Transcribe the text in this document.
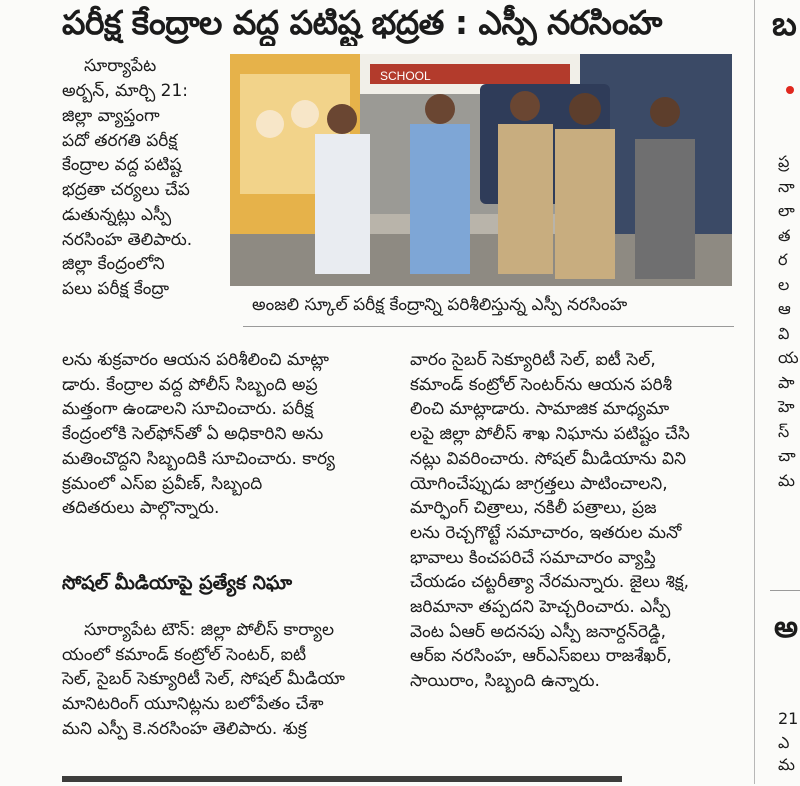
పరీక్ష కేంద్రాల వద్ద పటిష్ట భద్రత : ఎస్పీ నరసింహ

సూర్యాపేట

అర్బన్, మార్చి 21:

జిల్లా వ్యాప్తంగా

పదో తరగతి పరీక్ష

కేంద్రాల వద్ద పటిష్ట

భద్రతా చర్యలు చేప

డుతున్నట్లు ఎస్పీ

నరసింహ తెలిపారు.

జిల్లా కేంద్రంలోని

పలు పరీక్ష కేంద్రా

SCHOOL
అంజలి స్కూల్ పరీక్ష కేంద్రాన్ని పరిశీలిస్తున్న ఎస్పీ నరసింహ

లను శుక్రవారం ఆయన పరిశీలించి మాట్లా

డారు. కేంద్రాల వద్ద పోలీస్ సిబ్బంది అప్ర

మత్తంగా ఉండాలని సూచించారు. పరీక్ష

కేంద్రంలోకి సెల్‌ఫోన్‌తో ఏ అధికారిని అను

మతించొద్దని సిబ్బందికి సూచించారు. కార్య

క్రమంలో ఎస్ఐ ప్రవీణ్, సిబ్బంది

తదితరులు పాల్గొన్నారు.

సోషల్ మీడియాపై ప్రత్యేక నిఘా

సూర్యాపేట టౌన్: జిల్లా పోలీస్ కార్యాల

యంలో కమాండ్ కంట్రోల్ సెంటర్, ఐటీ

సెల్, సైబర్ సెక్యూరిటీ సెల్, సోషల్ మీడియా

మానిటరింగ్ యూనిట్లను బలోపేతం చేశా

మని ఎస్పీ కె.నరసింహ తెలిపారు. శుక్ర

వారం సైబర్ సెక్యూరిటీ సెల్, ఐటీ సెల్,

కమాండ్ కంట్రోల్ సెంటర్‌ను ఆయన పరిశీ

లించి మాట్లాడారు. సామాజిక మాధ్యమా

లపై జిల్లా పోలీస్ శాఖ నిఘాను పటిష్టం చేసి

నట్లు వివరించారు. సోషల్ మీడియాను విని

యోగించేప్పుడు జాగ్రత్తలు పాటించాలని,

మార్ఫింగ్ చిత్రాలు, నకిలీ పత్రాలు, ప్రజ

లను రెచ్చగొట్టే సమాచారం, ఇతరుల మనో

భావాలు కించపరిచే సమాచారం వ్యాప్తి

చేయడం చట్టరీత్యా నేరమన్నారు. జైలు శిక్ష,

జరిమానా తప్పదని హెచ్చరించారు. ఎస్పీ

వెంట ఏఆర్ అదనపు ఎస్పీ జనార్దన్‌రెడ్డి,

ఆర్ఐ నరసింహ, ఆర్ఎస్ఐలు రాజశేఖర్,

సాయిరాం, సిబ్బంది ఉన్నారు.

బ
ప్ర
నా
లా
త
ర
ల
ఆ
వి
య
పా
హె
స్
చా
మ
అ
21
ఎ
మ
